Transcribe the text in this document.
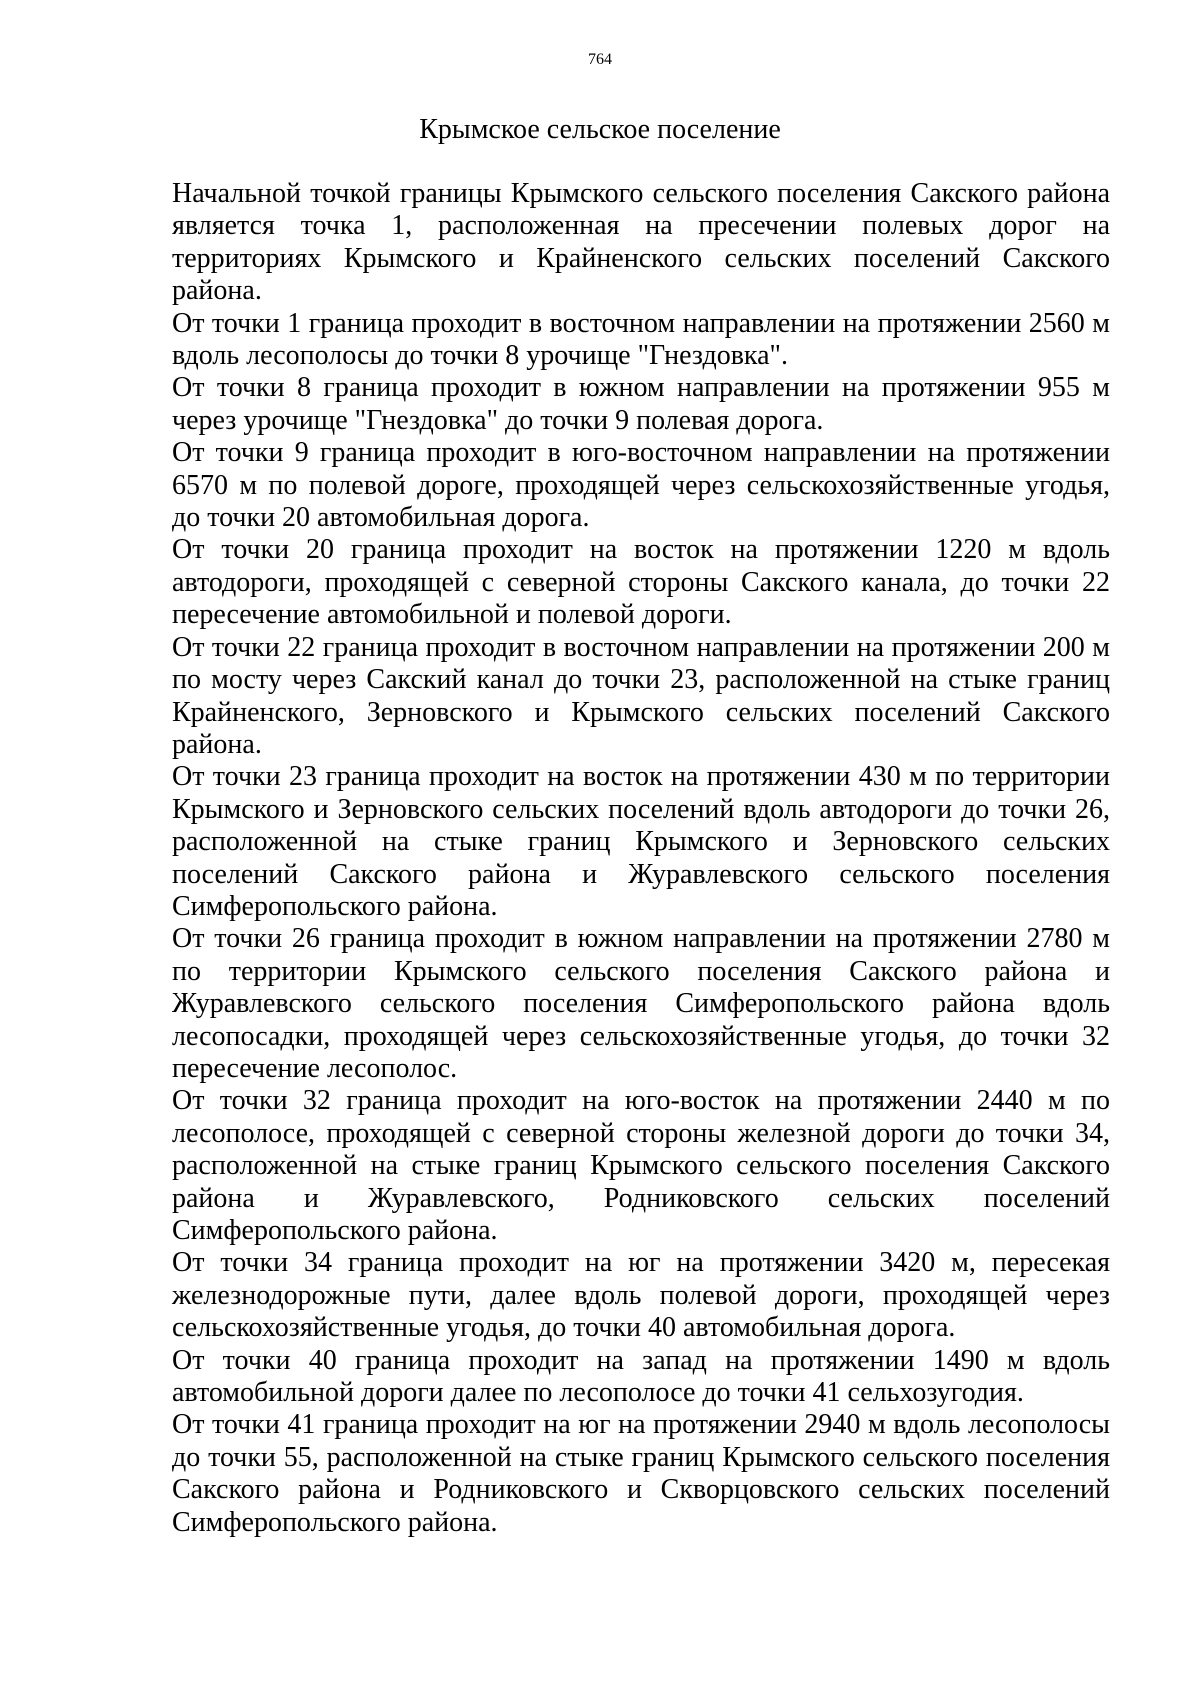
764
Крымское сельское поселение

Начальной точкой границы Крымского сельского поселения Сакского района является точка 1, расположенная на пресечении полевых дорог на территориях Крымского и Крайненского сельских поселений Сакского района.

От точки 1 граница проходит в восточном направлении на протяжении 2560 м вдоль лесополосы до точки 8 урочище "Гнездовка".

От точки 8 граница проходит в южном направлении на протяжении 955 м через урочище "Гнездовка" до точки 9 полевая дорога.

От точки 9 граница проходит в юго-восточном направлении на протяжении 6570 м по полевой дороге, проходящей через сельскохозяйственные угодья, до точки 20 автомобильная дорога.

От точки 20 граница проходит на восток на протяжении 1220 м вдоль автодороги, проходящей с северной стороны Сакского канала, до точки 22 пересечение автомобильной и полевой дороги.

От точки 22 граница проходит в восточном направлении на протяжении 200 м по мосту через Сакский канал до точки 23, расположенной на стыке границ Крайненского, Зерновского и Крымского сельских поселений Сакского района.

От точки 23 граница проходит на восток на протяжении 430 м по территории Крымского и Зерновского сельских поселений вдоль автодороги до точки 26, расположенной на стыке границ Крымского и Зерновского сельских поселений Сакского района и Журавлевского сельского поселения Симферопольского района.

От точки 26 граница проходит в южном направлении на протяжении 2780 м по территории Крымского сельского поселения Сакского района и Журавлевского сельского поселения Симферопольского района вдоль лесопосадки, проходящей через сельскохозяйственные угодья, до точки 32 пересечение лесополос.

От точки 32 граница проходит на юго-восток на протяжении 2440 м по лесополосе, проходящей с северной стороны железной дороги до точки 34, расположенной на стыке границ Крымского сельского поселения Сакского района и Журавлевского, Родниковского сельских поселений Симферопольского района.

От точки 34 граница проходит на юг на протяжении 3420 м, пересекая железнодорожные пути, далее вдоль полевой дороги, проходящей через сельскохозяйственные угодья, до точки 40 автомобильная дорога.

От точки 40 граница проходит на запад на протяжении 1490 м вдоль автомобильной дороги далее по лесополосе до точки 41 сельхозугодия.

От точки 41 граница проходит на юг на протяжении 2940 м вдоль лесополосы до точки 55, расположенной на стыке границ Крымского сельского поселения Сакского района и Родниковского и Скворцовского сельских поселений Симферопольского района.
